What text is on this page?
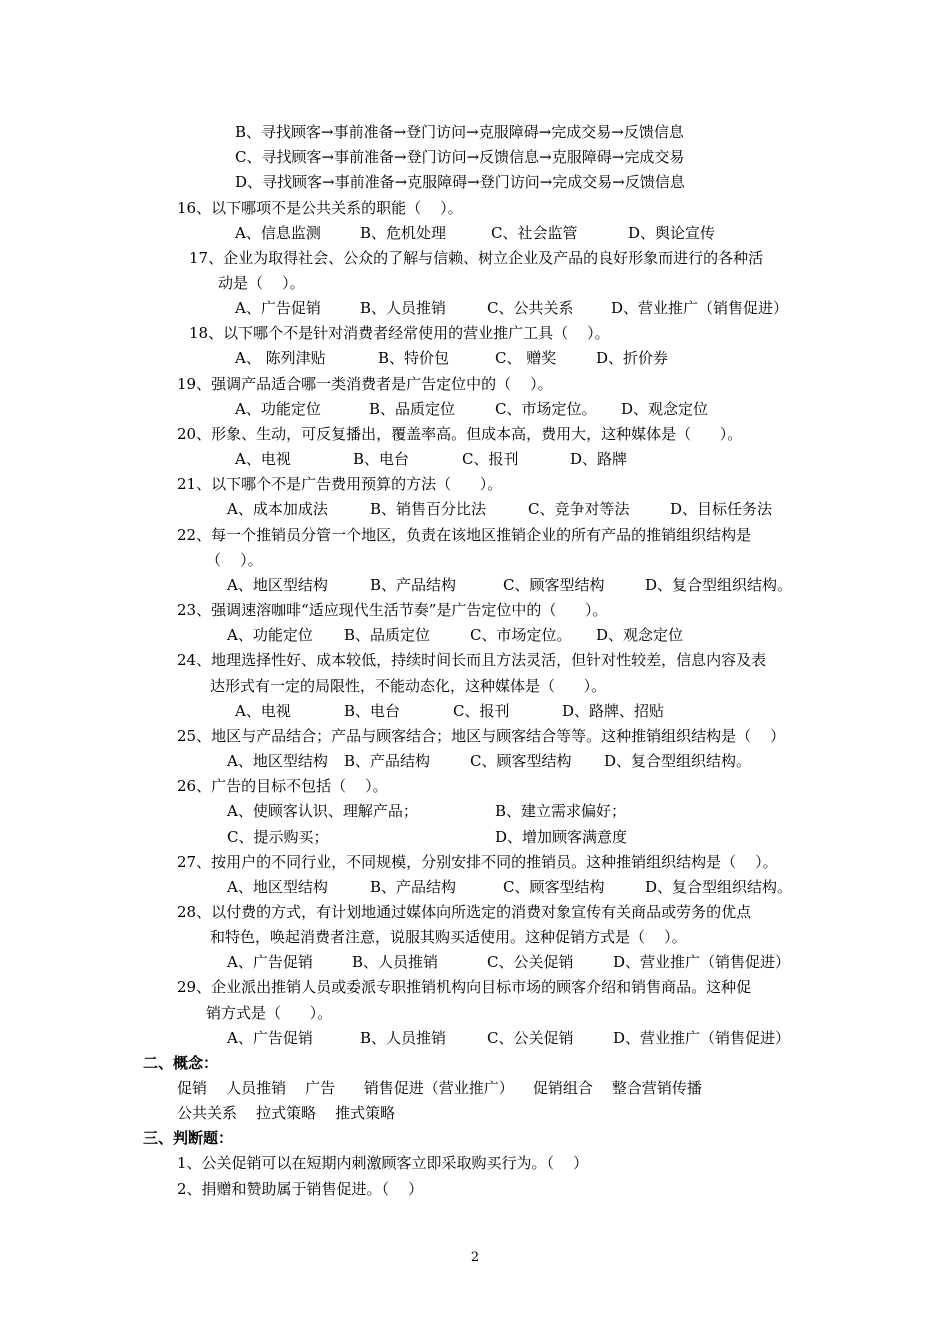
B、寻找顾客→事前准备→登门访问→克服障碍→完成交易→反馈信息
C、寻找顾客→事前准备→登门访问→反馈信息→克服障碍→完成交易
D、寻找顾客→事前准备→克服障碍→登门访问→完成交易→反馈信息
16、以下哪项不是公共关系的职能（    ）。
A、信息监测	B、危机处理	C、社会监管	D、舆论宣传
17、企业为取得社会、公众的了解与信赖、树立企业及产品的良好形象而进行的各种活
动是（    ）。
A、广告促销	B、人员推销	C、公共关系	D、营业推广（销售促进）
18、以下哪个不是针对消费者经常使用的营业推广工具（    ）。
A、 陈列津贴	B、特价包	C、 赠奖	D、折价券
19、强调产品适合哪一类消费者是广告定位中的（    ）。
A、功能定位	B、品质定位	C、市场定位。 D、观念定位
20、形象、生动，可反复播出，覆盖率高。但成本高，费用大，这种媒体是（      ）。
A、电视	B、电台	C、报刊	D、路牌
21、以下哪个不是广告费用预算的方法（      ）。
A、成本加成法	B、销售百分比法	C、竞争对等法	D、目标任务法
22、每一个推销员分管一个地区，负责在该地区推销企业的所有产品的推销组织结构是
（    ）。
A、地区型结构	B、产品结构	C、顾客型结构	D、复合型组织结构。
23、强调速溶咖啡“适应现代生活节奏”是广告定位中的（      ）。
A、功能定位 B、品质定位	C、市场定位。 D、观念定位
24、地理选择性好、成本较低，持续时间长而且方法灵活，但针对性较差，信息内容及表
达形式有一定的局限性，不能动态化，这种媒体是（      ）。
A、电视	B、电台	C、报刊	D、路牌、招贴
25、地区与产品结合；产品与顾客结合；地区与顾客结合等等。这种推销组织结构是（    ）
A、地区型结构 B、产品结构	C、顾客型结构 D、复合型组织结构。
26、广告的目标不包括（    ）。
A、使顾客认识、理解产品；	B、建立需求偏好；
C、提示购买；	D、增加顾客满意度
27、按用户的不同行业，不同规模，分别安排不同的推销员。这种推销组织结构是（    ）。
A、地区型结构	B、产品结构	C、顾客型结构	D、复合型组织结构。
28、以付费的方式，有计划地通过媒体向所选定的消费对象宣传有关商品或劳务的优点
和特色，唤起消费者注意，说服其购买适使用。这种促销方式是（    ）。
A、广告促销	B、人员推销	C、公关促销	D、营业推广（销售促进）
29、企业派出推销人员或委派专职推销机构向目标市场的顾客介绍和销售商品。这种促
销方式是（      ）。
A、广告促销	B、人员推销	C、公关促销	D、营业推广（销售促进）
二、概念：
促销    人员推销    广告      销售促进（营业推广）    促销组合    整合营销传播
公共关系    拉式策略    推式策略
三、判断题：
1、公关促销可以在短期内刺激顾客立即采取购买行为。（    ）
2、捐赠和赞助属于销售促进。（    ）
2
